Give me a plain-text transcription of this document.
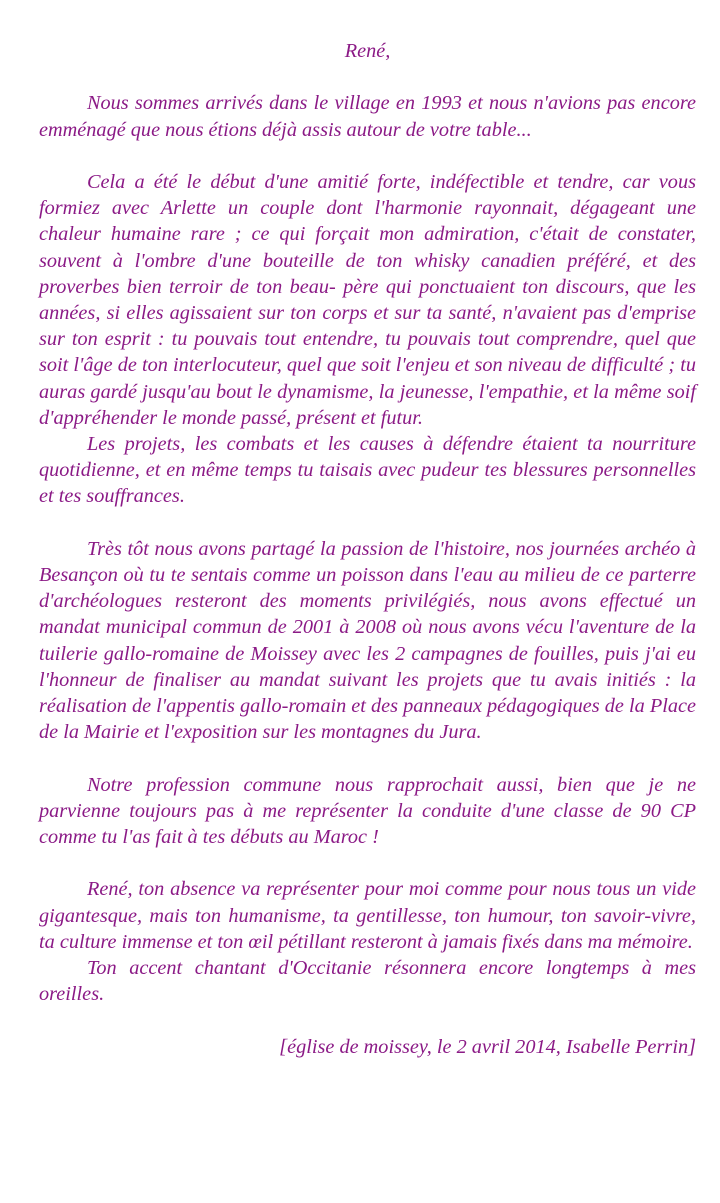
René,

Nous sommes arrivés dans le village en 1993 et nous n'avions pas encore emménagé que nous étions déjà assis autour de votre table...

Cela a été le début d'une amitié forte, indéfectible et tendre, car vous formiez avec Arlette un couple dont l'harmonie rayonnait, dégageant une chaleur humaine rare ; ce qui forçait mon admiration, c'était de constater, souvent à l'ombre d'une bouteille de ton whisky canadien préféré, et des proverbes bien terroir de ton beau- père qui ponctuaient ton discours, que les années, si elles agissaient sur ton corps et sur ta santé, n'avaient pas d'emprise sur ton esprit : tu pouvais tout entendre, tu pouvais tout comprendre, quel que soit l'âge de ton interlocuteur, quel que soit l'enjeu et son niveau de difficulté ; tu auras gardé jusqu'au bout le dynamisme, la jeunesse, l'empathie, et la même soif d'appréhender le monde passé, présent et futur.

Les projets, les combats et les causes à défendre étaient ta nourriture quotidienne, et en même temps tu taisais avec pudeur tes blessures personnelles et tes souffrances.

Très tôt nous avons partagé la passion de l'histoire, nos journées archéo à Besançon où tu te sentais comme un poisson dans l'eau au milieu de ce parterre d'archéologues resteront des moments privilégiés, nous avons effectué un mandat municipal commun de 2001 à 2008 où nous avons vécu l'aventure de la tuilerie gallo-romaine de Moissey avec les 2 campagnes de fouilles, puis j'ai eu l'honneur de finaliser au mandat suivant les projets que tu avais initiés : la réalisation de l'appentis gallo-romain et des panneaux pédagogiques de la Place de la Mairie et l'exposition sur les montagnes du Jura.

Notre profession commune nous rapprochait aussi, bien que je ne parvienne toujours pas à me représenter la conduite d'une classe de 90 CP comme tu l'as fait à tes débuts au Maroc !

René, ton absence va représenter pour moi comme pour nous tous un vide gigantesque, mais ton humanisme, ta gentillesse, ton humour, ton savoir-vivre, ta culture immense et ton œil pétillant resteront à jamais fixés dans ma mémoire.

Ton accent chantant d'Occitanie résonnera encore longtemps à mes oreilles.

[église de moissey, le 2 avril 2014, Isabelle Perrin]
